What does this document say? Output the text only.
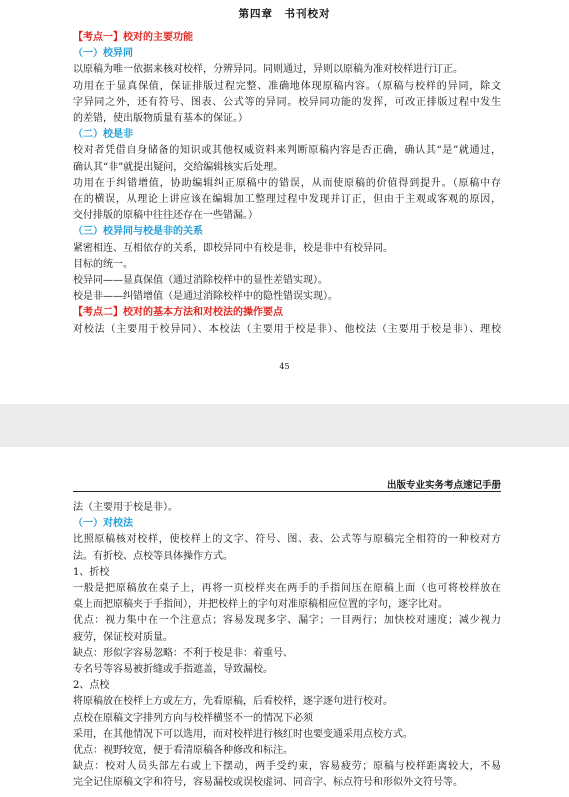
第四章　书刊校对
【考点一】校对的主要功能
（一）校异同
以原稿为唯一依据来核对校样，分辨异同。同则通过，异则以原稿为准对校样进行订正。
功用在于显真保值，保证排版过程完整、准确地体现原稿内容。（原稿与校样的异同，除文
字异同之外，还有符号、图表、公式等的异同。校异同功能的发挥，可改正排版过程中发生
的差错，使出版物质量有基本的保证。）
（二）校是非
校对者凭借自身储备的知识或其他权威资料来判断原稿内容是否正确，确认其“是”就通过，
确认其“非”就提出疑问，交给编辑核实后处理。
功用在于纠错增值，协助编辑纠正原稿中的错误，从而使原稿的价值得到提升。（原稿中存
在的横误，从理论上讲应该在编辑加工整理过程中发现并订正，但由于主观或客观的原因，
交付排版的原稿中往往还存在一些错漏。）
（三）校异同与校是非的关系
紧密相连、互相依存的关系，即校异同中有校是非，校是非中有校异同。
目标的统一。
校异同——显真保值（通过消除校样中的显性差错实现）。
校是非——纠错增值（是通过消除校样中的隐性错误实现）。
【考点二】校对的基本方法和对校法的操作要点
对校法（主要用于校异同）、本校法（主要用于校是非）、他校法（主要用于校是非）、理校
45
出版专业实务考点速记手册
法（主要用于校是非）。
（一）对校法
比照原稿核对校样，使校样上的文字、符号、图、表、公式等与原稿完全相符的一种校对方
法。有折校、点校等具体操作方式。
1、折校
一般是把原稿放在桌子上，再将一页校样夹在两手的手指间压在原稿上面（也可将校样放在
桌上而把原稿夹于手指间），并把校样上的字句对准原稿相应位置的字句，逐字比对。
优点：视力集中在一个注意点；容易发现多字、漏字；一目两行；加快校对速度；减少视力
疲劳，保证校对质量。
缺点：形似字容易忽略：不利于校是非：着重号、
专名号等容易被折缝或手指遮盖，导致漏校。
2、点校
将原稿放在校样上方或左方，先看原稿，后看校样，逐字逐句进行校对。
点校在原稿文字排列方向与校样横竖不一的情况下必须
采用，在其他情况下可以选用，而对校样进行核红时也要变通采用点校方式。
优点：视野较宽，便于看清原稿各种修改和标注。
缺点：校对人员头部左右或上下摆动，两手受约束，容易疲劳；原稿与校样距离较大，不易
完全记住原稿文字和符号，容易漏校或误校虚词、同音字、标点符号和形似外文符号等。
